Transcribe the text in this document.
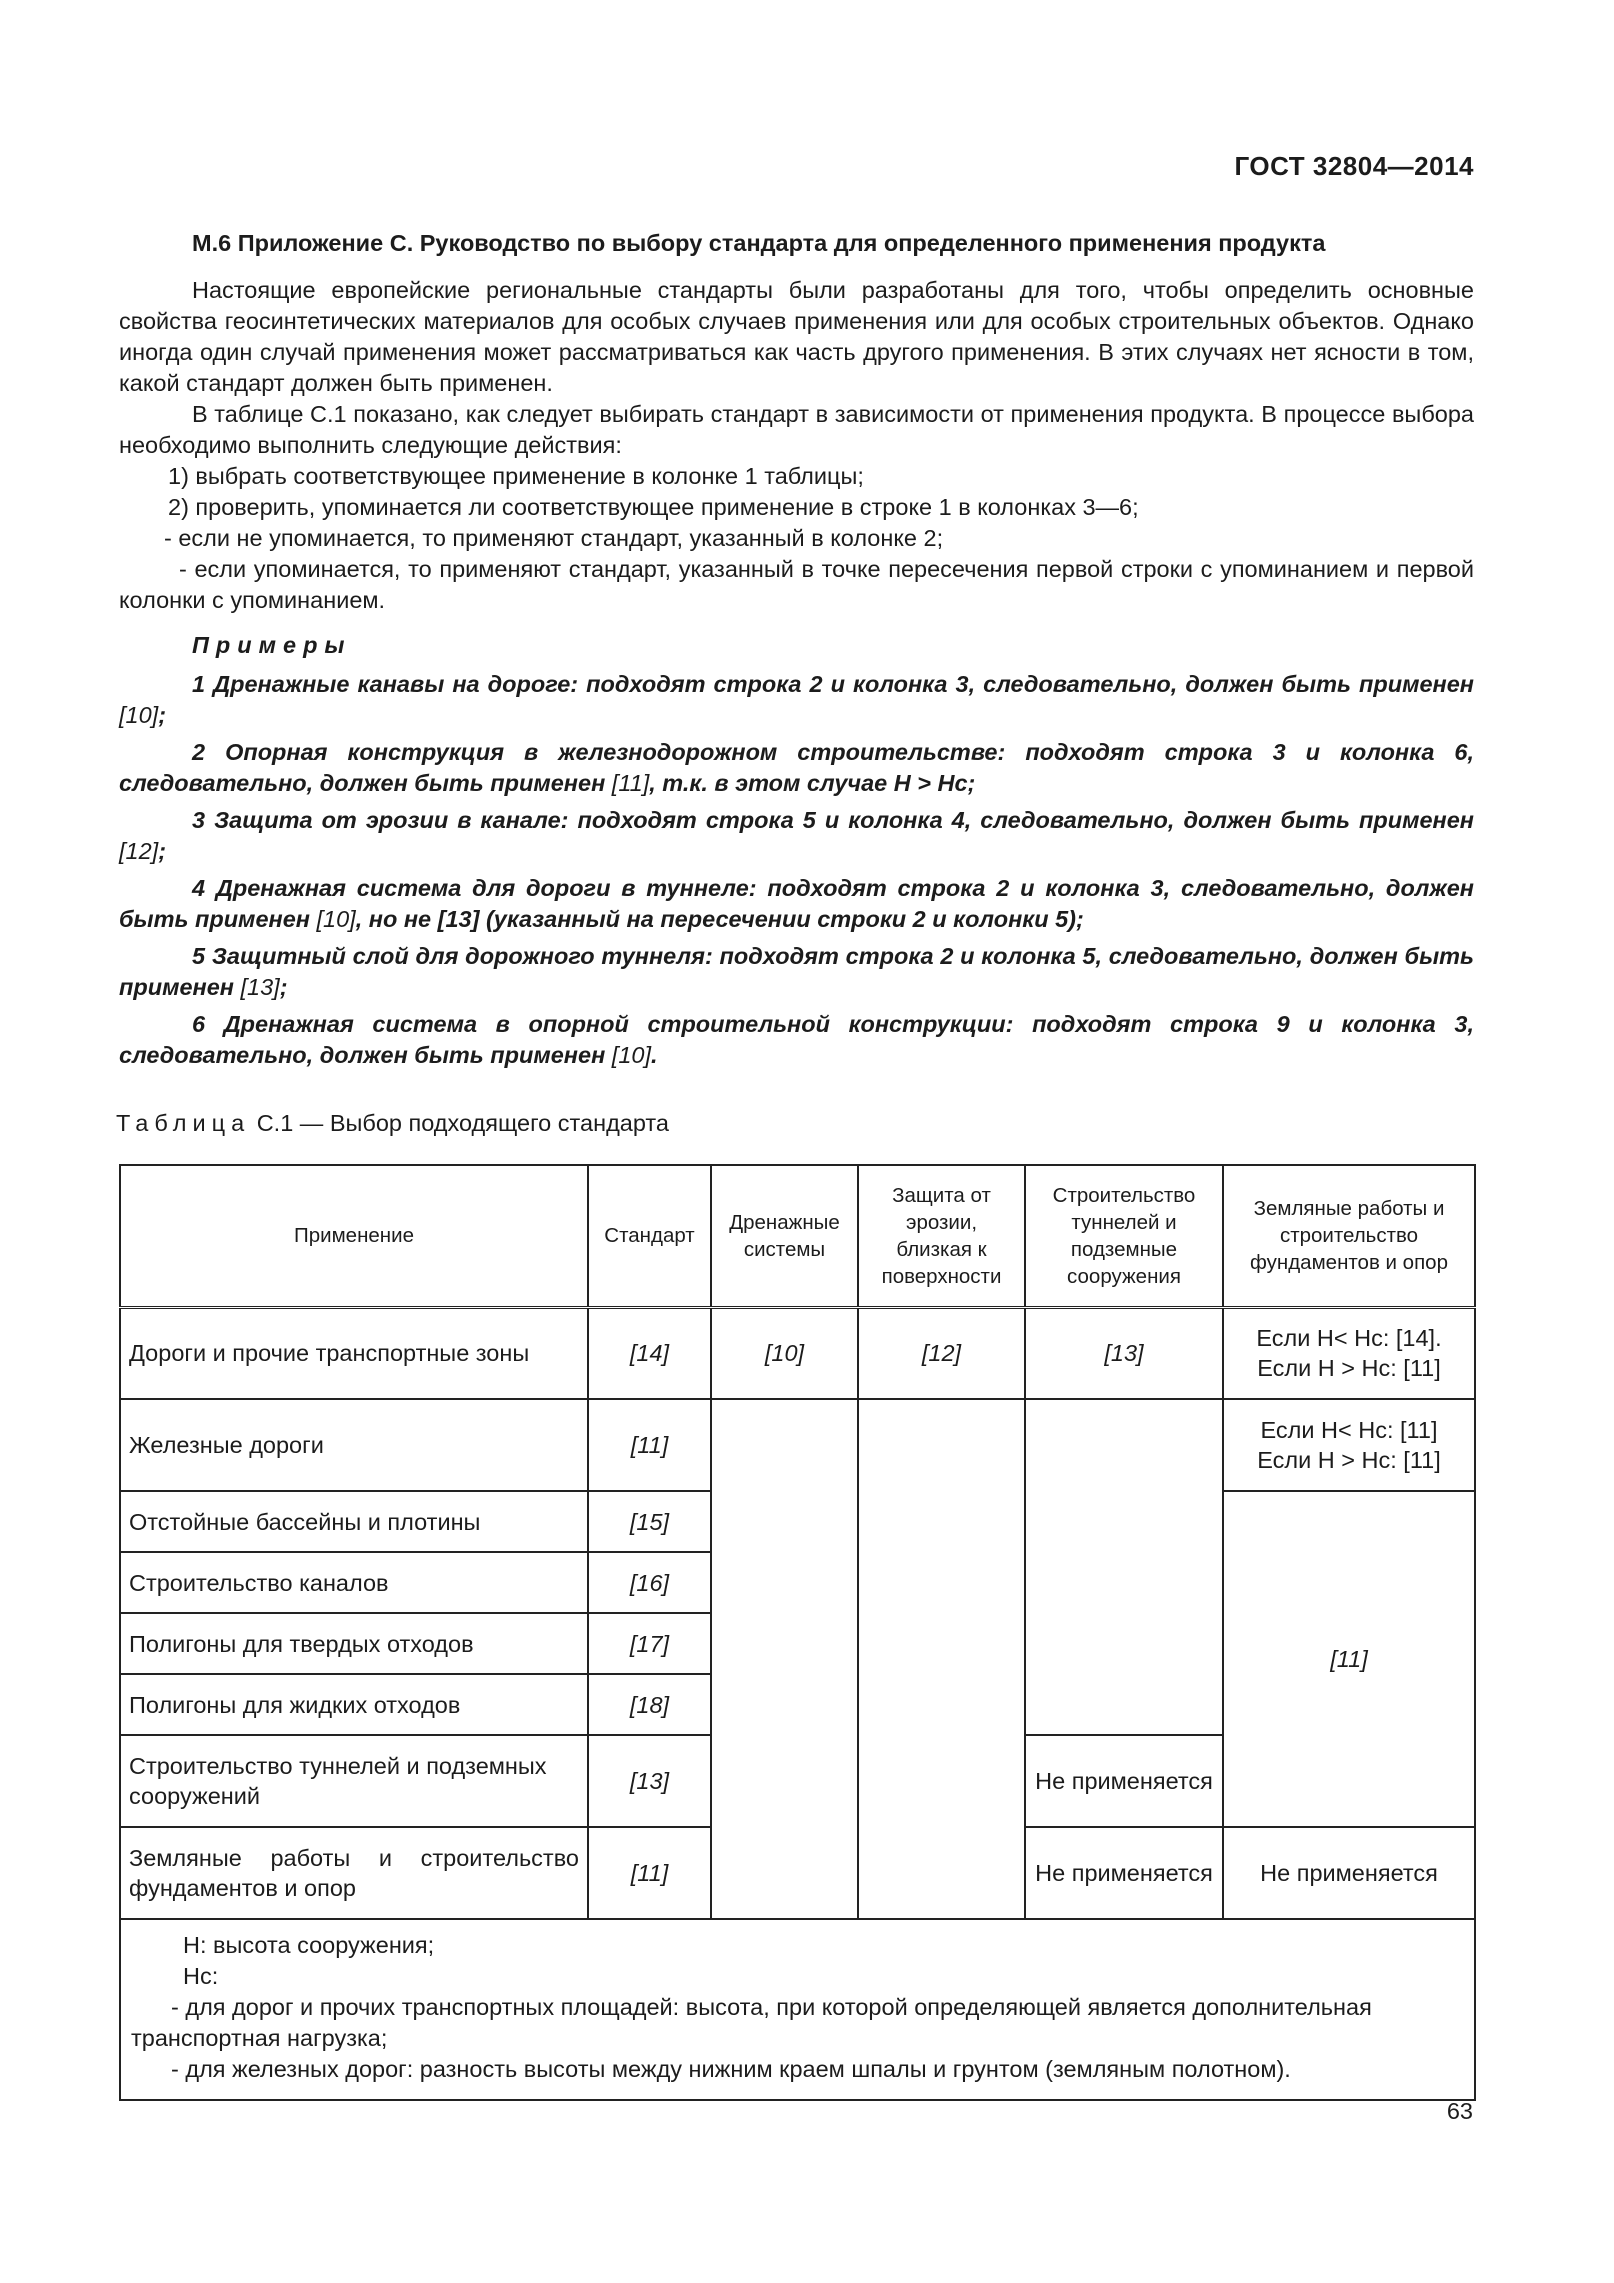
ГОСТ 32804—2014
М.6 Приложение С. Руководство по выбору стандарта для определенного применения продукта

Настоящие европейские региональные стандарты были разработаны для того, чтобы определить основные свойства геосинтетических материалов для особых случаев применения или для особых строительных объектов. Однако иногда один случай применения может рассматриваться как часть другого применения. В этих случаях нет ясности в том, какой стандарт должен быть применен.

В таблице С.1 показано, как следует выбирать стандарт в зависимости от применения продукта. В процессе выбора необходимо выполнить следующие действия:

1) выбрать соответствующее применение в колонке 1 таблицы;

2) проверить, упоминается ли соответствующее применение в строке 1 в колонках 3—6;

- если не упоминается, то применяют стандарт, указанный в колонке 2;

- если упоминается, то применяют стандарт, указанный в точке пересечения первой строки с упоминанием и первой колонки с упоминанием.

Примеры

1 Дренажные канавы на дороге: подходят строка 2 и колонка 3, следовательно, должен быть применен [10];

2 Опорная конструкция в железнодорожном строительстве: подходят строка 3 и колонка 6, следовательно, должен быть применен [11], т.к. в этом случае H > Hc;

3 Защита от эрозии в канале: подходят строка 5 и колонка 4, следовательно, должен быть применен [12];

4 Дренажная система для дороги в туннеле: подходят строка 2 и колонка 3, следовательно, должен быть применен [10], но не [13] (указанный на пересечении строки 2 и колонки 5);

5 Защитный слой для дорожного туннеля: подходят строка 2 и колонка 5, следовательно, должен быть применен [13];

6 Дренажная система в опорной строительной конструкции: подходят строка 9 и колонка 3, следовательно, должен быть применен [10].

Таблица С.1 — Выбор подходящего стандарта
Применение	Стандарт	Дренажные системы	Защита от эрозии, близкая к поверхности	Строительство туннелей и подземные сооружения	Земляные работы и строительство фундаментов и опор
Дороги и прочие транспортные зоны	[14]	[10]	[12]	[13]	Если H< Hc: [14].
Если H > Hc: [11]

Железные дороги	[11]				Если H< Hc: [11]
Если H > Hc: [11]

Отстойные бассейны и плотины	[15]				[11]
Строительство каналов	[16]				
Полигоны для твердых отходов	[17]				
Полигоны для жидких отходов	[18]				
Строительство туннелей и подземных сооружений	[13]			Не применяется	
Земляные работы и строительство фундаментов и опор	[11]			Не применяется	Не применяется

H: высота сооружения;
Hc:
- для дорог и прочих транспортных площадей: высота, при которой определяющей является дополнительная транспортная нагрузка;
- для железных дорог: разность высоты между нижним краем шпалы и грунтом (земляным полотном).					
63
